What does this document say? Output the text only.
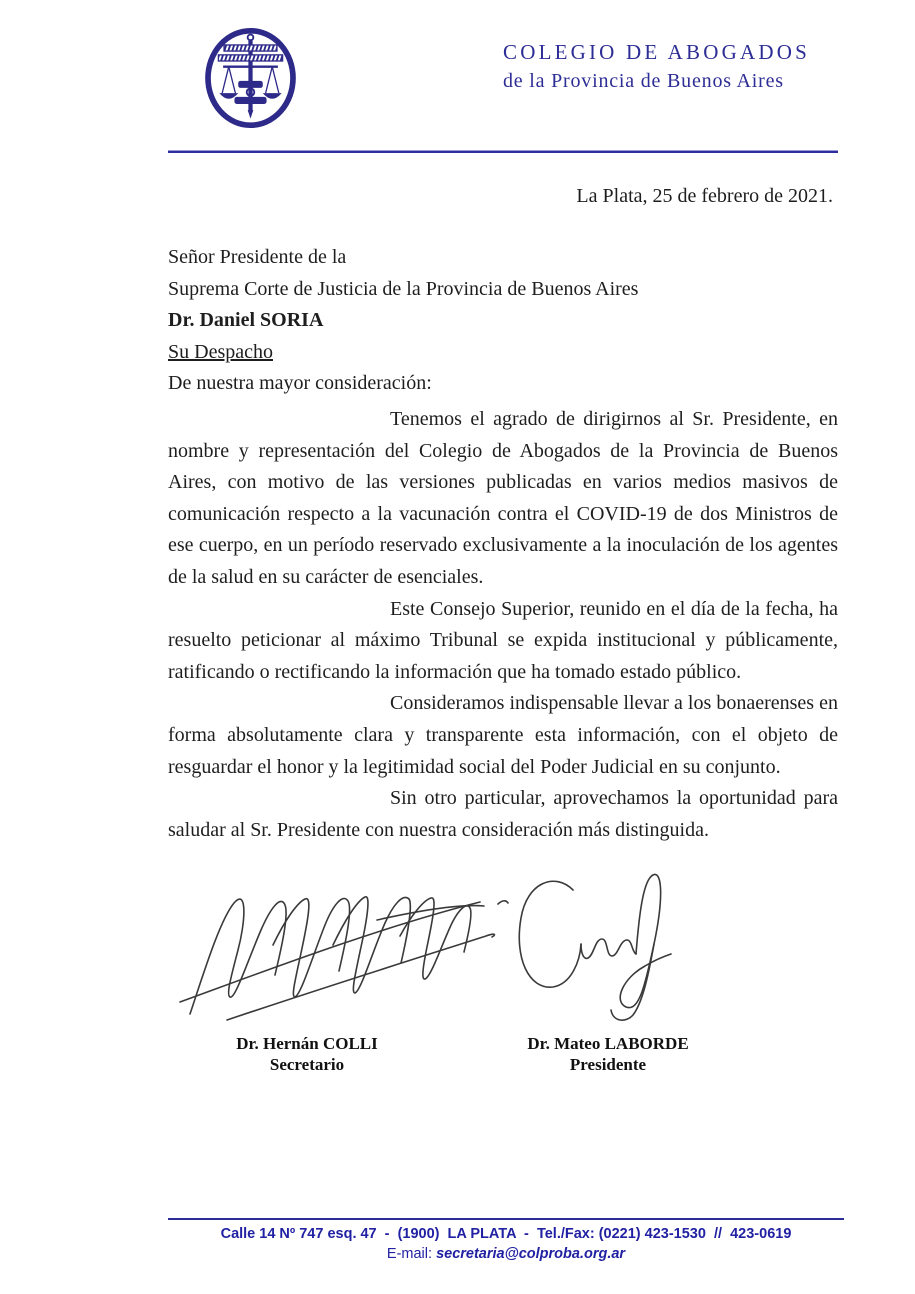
COLEGIO DE ABOGADOS
de la Provincia de Buenos Aires
La Plata, 25 de febrero de 2021.
Señor Presidente de la
Suprema Corte de Justicia de la Provincia de Buenos Aires
Dr. Daniel SORIA
Su Despacho
De nuestra mayor consideración:

Tenemos el agrado de dirigirnos al Sr. Presidente, en nombre y representación del Colegio de Abogados de la Provincia de Buenos Aires, con motivo de las versiones publicadas en varios medios masivos de comunicación respecto a la vacunación contra el COVID-19 de dos Ministros de ese cuerpo, en un período reservado exclusivamente a la inoculación de los agentes de la salud en su carácter de esenciales.

Este Consejo Superior, reunido en el día de la fecha, ha resuelto peticionar al máximo Tribunal se expida institucional y públicamente, ratificando o rectificando la información que ha tomado estado público.

Consideramos indispensable llevar a los bonaerenses en forma absolutamente clara y transparente esta información, con el objeto de resguardar el honor y la legitimidad social del Poder Judicial en su conjunto.

Sin otro particular, aprovechamos la oportunidad para saludar al Sr. Presidente con nuestra consideración más distinguida.

Dr. Hernán COLLI
Secretario
Dr. Mateo LABORDE
Presidente
Calle 14 Nº 747 esq. 47  -  (1900)  LA PLATA  -  Tel./Fax: (0221) 423-1530  //  423-0619
E-mail: secretaria@colproba.org.ar
